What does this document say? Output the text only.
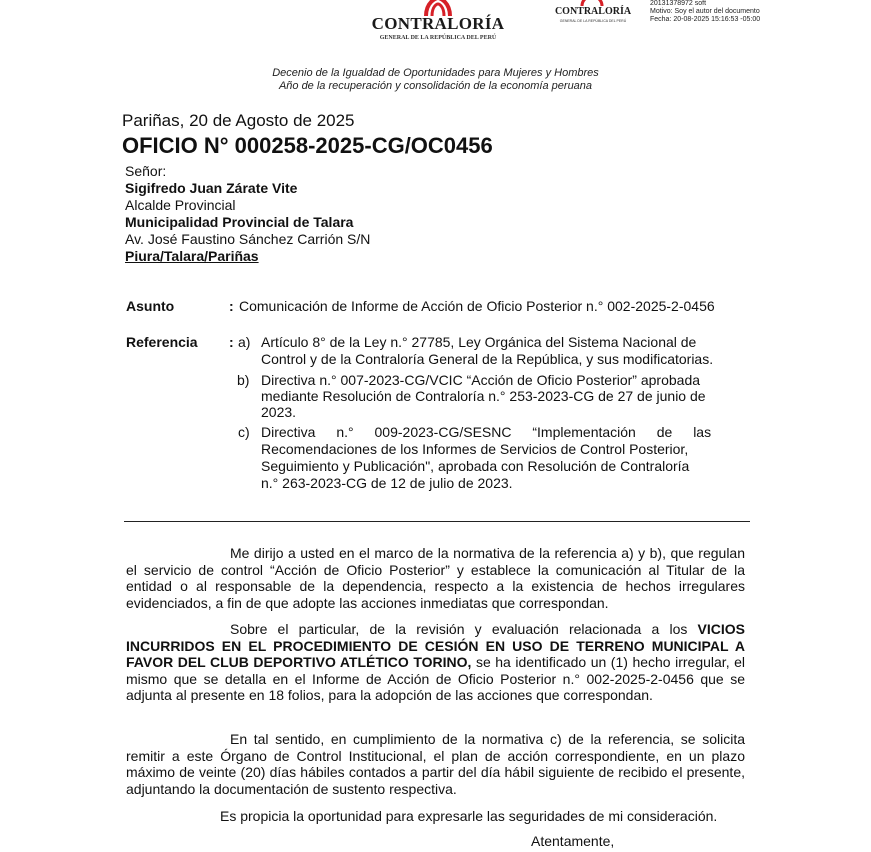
CONTRALORÍA
GENERAL DE LA REPÚBLICA DEL PERÚ
CONTRALORÍA
GENERAL DE LA REPÚBLICA DEL PERÚ
20131378972 soft
Motivo: Soy el autor del documento
Fecha: 20-08-2025 15:16:53 -05:00
Decenio de la Igualdad de Oportunidades para Mujeres y Hombres
Año de la recuperación y consolidación de la economía peruana
Pariñas, 20 de Agosto de 2025
OFICIO N° 000258-2025-CG/OC0456
Señor:
Sigifredo Juan Zárate Vite
Alcalde Provincial
Municipalidad Provincial de Talara
Av. José Faustino Sánchez Carrión S/N
Piura/Talara/Pariñas
Asunto	: Comunicación de Informe de Acción de Oficio Posterior n.° 002-2025-2-0456
Referencia : a) Artículo 8° de la Ley n.° 27785, Ley Orgánica del Sistema Nacional de
Control y de la Contraloría General de la República, y sus modificatorias.
b) Directiva n.° 007-2023-CG/VCIC “Acción de Oficio Posterior” aprobada
mediante Resolución de Contraloría n.° 253-2023-CG de 27 de junio de
2023.
c) Directiva n.° 009-2023-CG/SESNC “Implementación de las
Recomendaciones de los Informes de Servicios de Control Posterior,
Seguimiento y Publicación", aprobada con Resolución de Contraloría
n.° 263-2023-CG de 12 de julio de 2023.
Me dirijo a usted en el marco de la normativa de la referencia a) y b), que regulan el servicio de control “Acción de Oficio Posterior” y establece la comunicación al Titular de la entidad o al responsable de la dependencia, respecto a la existencia de hechos irregulares evidenciados, a fin de que adopte las acciones inmediatas que correspondan.
Sobre el particular, de la revisión y evaluación relacionada a los VICIOS INCURRIDOS EN EL PROCEDIMIENTO DE CESIÓN EN USO DE TERRENO MUNICIPAL A FAVOR DEL CLUB DEPORTIVO ATLÉTICO TORINO, se ha identificado un (1) hecho irregular, el mismo que se detalla en el Informe de Acción de Oficio Posterior n.° 002-2025-2-0456 que se adjunta al presente en 18 folios, para la adopción de las acciones que correspondan.
En tal sentido, en cumplimiento de la normativa c) de la referencia, se solicita remitir a este Órgano de Control Institucional, el plan de acción correspondiente, en un plazo máximo de veinte (20) días hábiles contados a partir del día hábil siguiente de recibido el presente, adjuntando la documentación de sustento respectiva.
Es propicia la oportunidad para expresarle las seguridades de mi consideración.
Atentamente,
